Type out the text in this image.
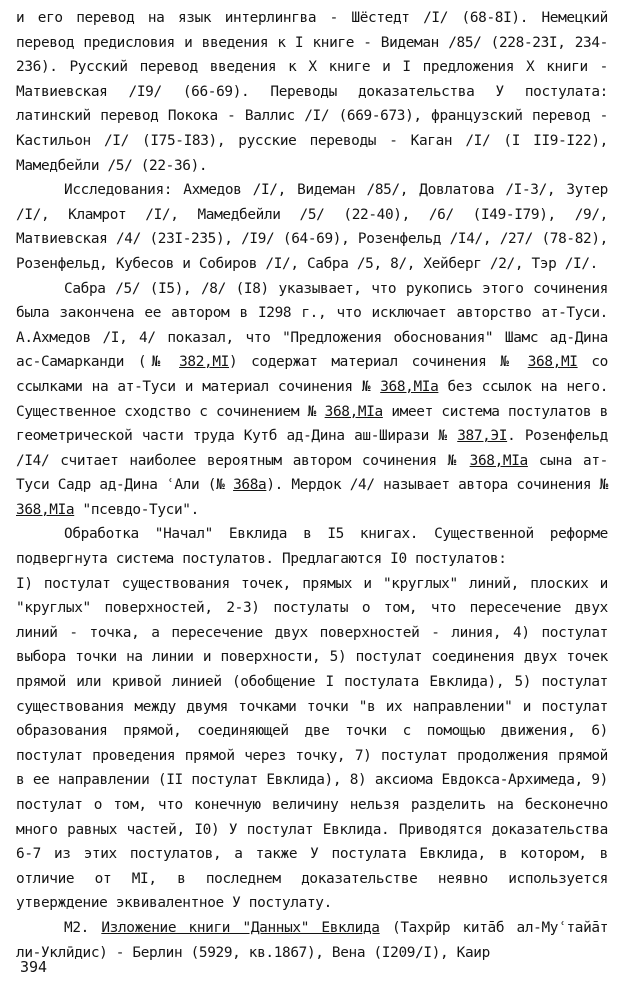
и его перевод на язык интерлингва - Шёстедт /I/ (68-8I). Немецкий перевод предисловия и введения к I книге - Видеман /85/ (228-23I, 234-236). Русский перевод введения к X книге и I предложения X книги - Матвиевская /I9/ (66-69). Переводы доказательства У постулата: латинский перевод Покока - Валлис /I/ (669-673), французский перевод - Кастильон /I/ (I75-I83), русские переводы - Каган /I/ (I II9-I22), Мамедбейли /5/ (22-36).

Исследования: Ахмедов /I/, Видеман /85/, Довлатова /I-3/, Зутер /I/, Кламрот /I/, Мамедбейли /5/ (22-40), /6/ (I49-I79), /9/, Матвиевская /4/ (23I-235), /I9/ (64-69), Розенфельд /I4/, /27/ (78-82), Розенфельд, Кубесов и Собиров /I/, Сабра /5, 8/, Хейберг /2/, Тэр /I/.

Сабра /5/ (I5), /8/ (I8) указывает, что рукопись этого сочинения была закончена ее автором в I298 г., что исключает авторство ат-Туси. А.Ахмедов /I, 4/ показал, что "Предложения обоснования" Шамс ад-Дина ас-Самарканди (№ 382,MI) содержат материал сочинения № 368,MI со ссылками на ат-Туси и материал сочинения № 368,MIa без ссылок на него. Существенное сходство с сочинением № 368,MIa имеет система постулатов в геометрической части труда Кутб ад-Дина аш-Ширази № 387,ЭI. Розенфельд /I4/ считает наиболее вероятным автором сочинения № 368,MIa сына ат-Туси Садр ад-Дина ʿАли (№ 368а). Мердок /4/ называет автора сочинения № 368,MIa "псевдо-Туси".

Обработка "Начал" Евклида в I5 книгах. Существенной реформе подвергнута система постулатов. Предлагаются I0 постулатов:

I) постулат существования точек, прямых и "круглых" линий, плоских и "круглых" поверхностей, 2-3) постулаты о том, что пересечение двух линий - точка, а пересечение двух поверхностей - линия, 4) постулат выбора точки на линии и поверхности, 5) постулат соединения двух точек прямой или кривой линией (обобщение I постулата Евклида), 5) постулат существования между двумя точками точки "в их направлении" и постулат образования прямой, соединяющей две точки с помощью движения, 6) постулат проведения прямой через точку, 7) постулат продолжения прямой в ее направлении (II постулат Евклида), 8) аксиома Евдокса-Архимеда, 9) постулат о том, что конечную величину нельзя разделить на бесконечно много равных частей, I0) У постулат Евклида. Приводятся доказательства 6-7 из этих постулатов, а также У постулата Евклида, в котором, в отличие от MI, в последнем доказательстве неявно используется утверждение эквивалентное У постулату.

M2. Изложение книги "Данных" Евклида (Тахрӣр китāб ал-Муʿтайāт ли-Уклӣдис) - Берлин (5929, кв.1867), Вена (I209/I), Каир

394
